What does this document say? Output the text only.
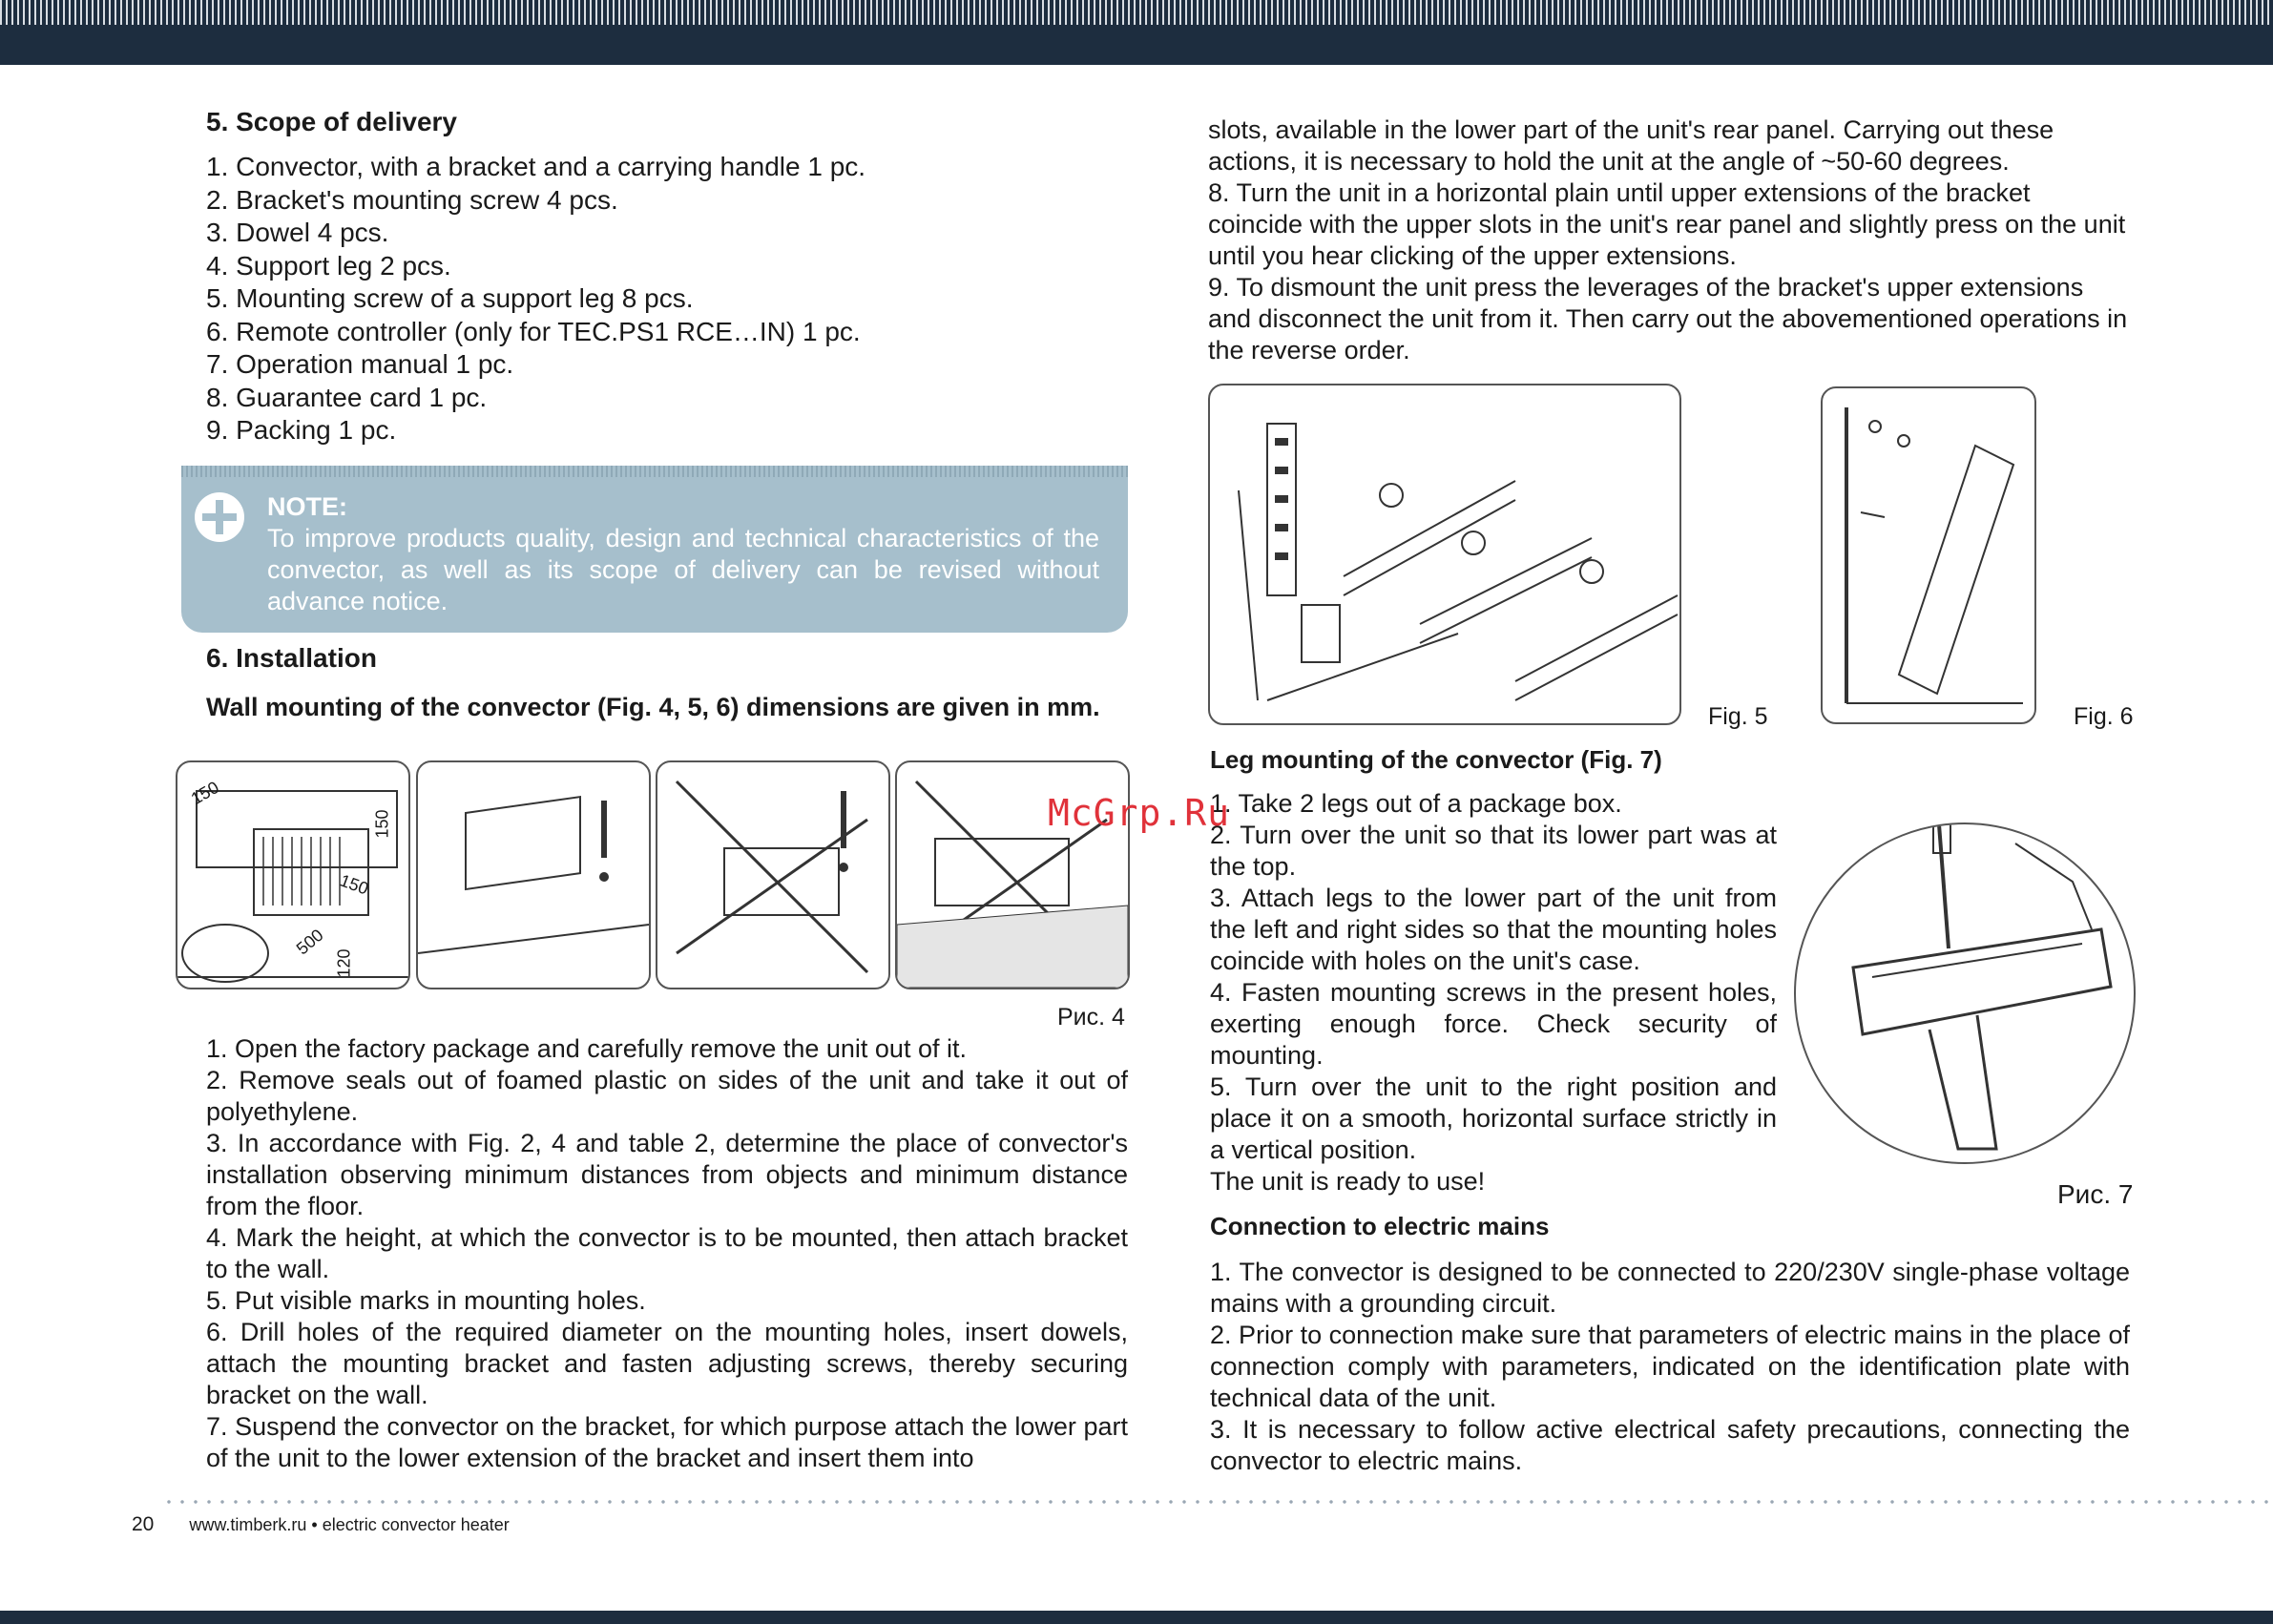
5. Scope of delivery

1. Convector, with a bracket and a carrying handle 1 pc.
2. Bracket's mounting screw 4 pcs.
3. Dowel 4 pcs.
4. Support leg 2 pcs.
5. Mounting screw of a support leg 8 pcs.
6. Remote controller (only for TEC.PS1 RCE…IN) 1 pc.
7. Operation manual 1 pc.
8. Guarantee card 1 pc.
9. Packing 1 pc.
NOTE:
To improve products quality, design and technical characteristics of the convector, as well as its scope of delivery can be revised without advance notice.

6. Installation

Wall mounting of the convector (Fig. 4, 5, 6) dimensions are given in mm.

150
150
150
500
120
Рис. 4

1. Open the factory package and carefully remove the unit out of it.

2. Remove seals out of foamed plastic on sides of the unit and take it out of polyethylene.

3. In accordance with Fig. 2, 4 and table 2, determine the place of convector's installation observing minimum distances from objects and minimum distance from the floor.

4. Mark the height, at which the convector is to be mounted, then attach bracket to the wall.

5. Put visible marks in mounting holes.

6. Drill holes of the required diameter on the mounting holes, insert dowels, attach the mounting bracket and fasten adjusting screws, thereby securing bracket on the wall.

7. Suspend the convector on the bracket, for which purpose attach the lower part of the unit to the lower extension of the bracket and insert them into

slots, available in the lower part of the unit's rear panel. Carrying out these actions, it is necessary to hold the unit at the angle of ~50-60 degrees.

8. Turn the unit in a horizontal plain until upper extensions of the bracket coincide with the upper slots in the unit's rear panel and slightly press on the unit until you hear clicking of the upper extensions.

9. To dismount the unit press the leverages of the bracket's upper extensions and disconnect the unit from it. Then carry out the abovementioned operations in the reverse order.

Fig. 5	Fig. 6

Leg mounting of the convector (Fig. 7)

1. Take 2 legs out of a package box.

2. Turn over the unit so that its lower part was at the top.

3. Attach legs to the lower part of the unit from the left and right sides so that the mounting holes coincide with holes on the unit's case.

4. Fasten mounting screws in the present holes, exerting enough force. Check security of mounting.

5. Turn over the unit to the right position and place it on a smooth, horizontal surface strictly in a vertical position.

The unit is ready to use!	Рис. 7

Connection to electric mains

1. The convector is designed to be connected to 220/230V single-phase voltage mains with a grounding circuit.

2. Prior to connection make sure that parameters of electric mains in the place of connection comply with parameters, indicated on the identification plate with technical data of the unit.

3. It is necessary to follow active electrical safety precautions, connecting the convector to electric mains.

McGrp.Ru
20 www.timberk.ru • electric convector heater
